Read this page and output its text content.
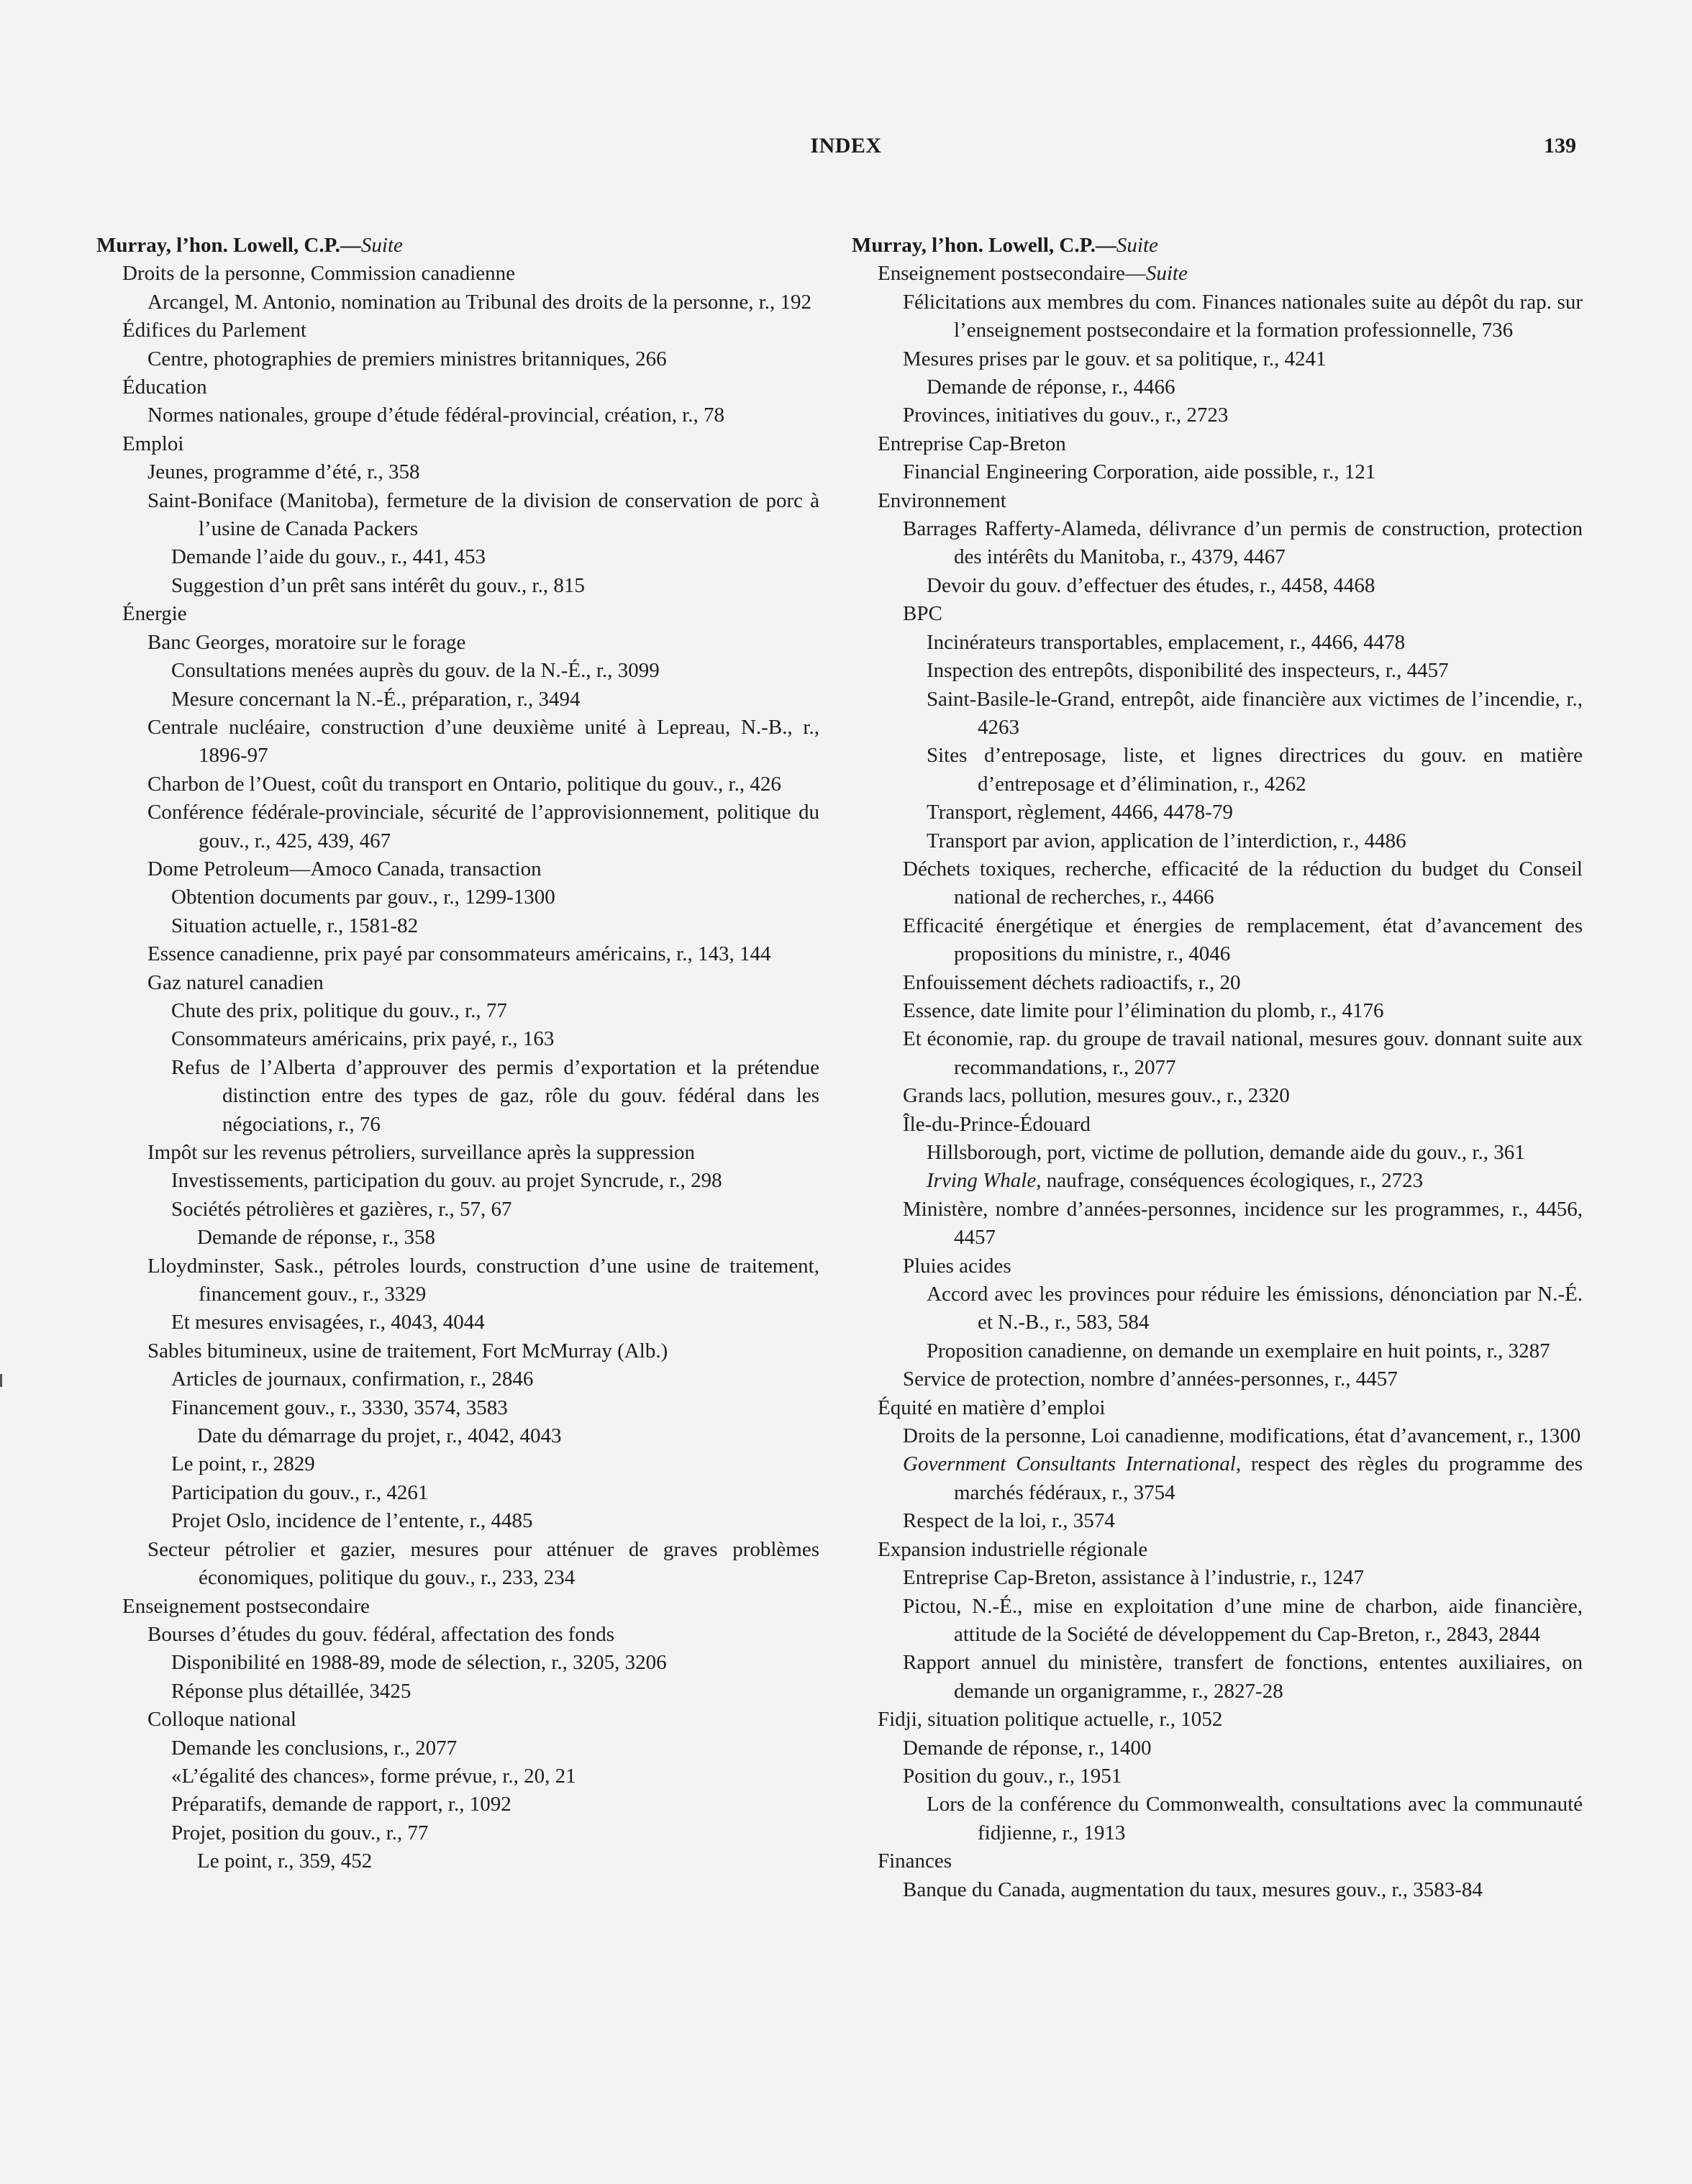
INDEX	139
Murray, l’hon. Lowell, C.P.—Suite
Droits de la personne, Commission canadienne
Arcangel, M. Antonio, nomination au Tribunal des droits de la personne, r., 192
Édifices du Parlement
Centre, photographies de premiers ministres britanniques, 266
Éducation
Normes nationales, groupe d’étude fédéral-provincial, création, r., 78
Emploi
Jeunes, programme d’été, r., 358
Saint-Boniface (Manitoba), fermeture de la division de conservation de porc à l’usine de Canada Packers
Demande l’aide du gouv., r., 441, 453
Suggestion d’un prêt sans intérêt du gouv., r., 815
Énergie
Banc Georges, moratoire sur le forage
Consultations menées auprès du gouv. de la N.-É., r., 3099
Mesure concernant la N.-É., préparation, r., 3494
Centrale nucléaire, construction d’une deuxième unité à Lepreau, N.-B., r., 1896-97
Charbon de l’Ouest, coût du transport en Ontario, politique du gouv., r., 426
Conférence fédérale-provinciale, sécurité de l’approvisionnement, politique du gouv., r., 425, 439, 467
Dome Petroleum—Amoco Canada, transaction
Obtention documents par gouv., r., 1299-1300
Situation actuelle, r., 1581-82
Essence canadienne, prix payé par consommateurs américains, r., 143, 144
Gaz naturel canadien
Chute des prix, politique du gouv., r., 77
Consommateurs américains, prix payé, r., 163
Refus de l’Alberta d’approuver des permis d’exportation et la prétendue distinction entre des types de gaz, rôle du gouv. fédéral dans les négociations, r., 76
Impôt sur les revenus pétroliers, surveillance après la suppression
Investissements, participation du gouv. au projet Syncrude, r., 298
Sociétés pétrolières et gazières, r., 57, 67
Demande de réponse, r., 358
Lloydminster, Sask., pétroles lourds, construction d’une usine de traitement, financement gouv., r., 3329
Et mesures envisagées, r., 4043, 4044
Sables bitumineux, usine de traitement, Fort McMurray (Alb.)
Articles de journaux, confirmation, r., 2846
Financement gouv., r., 3330, 3574, 3583
Date du démarrage du projet, r., 4042, 4043
Le point, r., 2829
Participation du gouv., r., 4261
Projet Oslo, incidence de l’entente, r., 4485
Secteur pétrolier et gazier, mesures pour atténuer de graves problèmes économiques, politique du gouv., r., 233, 234
Enseignement postsecondaire
Bourses d’études du gouv. fédéral, affectation des fonds
Disponibilité en 1988-89, mode de sélection, r., 3205, 3206
Réponse plus détaillée, 3425
Colloque national
Demande les conclusions, r., 2077
«L’égalité des chances», forme prévue, r., 20, 21
Préparatifs, demande de rapport, r., 1092
Projet, position du gouv., r., 77
Le point, r., 359, 452
Murray, l’hon. Lowell, C.P.—Suite
Enseignement postsecondaire—Suite
Félicitations aux membres du com. Finances nationales suite au dépôt du rap. sur l’enseignement postsecondaire et la formation professionnelle, 736
Mesures prises par le gouv. et sa politique, r., 4241
Demande de réponse, r., 4466
Provinces, initiatives du gouv., r., 2723
Entreprise Cap-Breton
Financial Engineering Corporation, aide possible, r., 121
Environnement
Barrages Rafferty-Alameda, délivrance d’un permis de construction, protection des intérêts du Manitoba, r., 4379, 4467
Devoir du gouv. d’effectuer des études, r., 4458, 4468
BPC
Incinérateurs transportables, emplacement, r., 4466, 4478
Inspection des entrepôts, disponibilité des inspecteurs, r., 4457
Saint-Basile-le-Grand, entrepôt, aide financière aux victimes de l’incendie, r., 4263
Sites d’entreposage, liste, et lignes directrices du gouv. en matière d’entreposage et d’élimination, r., 4262
Transport, règlement, 4466, 4478-79
Transport par avion, application de l’interdiction, r., 4486
Déchets toxiques, recherche, efficacité de la réduction du budget du Conseil national de recherches, r., 4466
Efficacité énergétique et énergies de remplacement, état d’avancement des propositions du ministre, r., 4046
Enfouissement déchets radioactifs, r., 20
Essence, date limite pour l’élimination du plomb, r., 4176
Et économie, rap. du groupe de travail national, mesures gouv. donnant suite aux recommandations, r., 2077
Grands lacs, pollution, mesures gouv., r., 2320
Île-du-Prince-Édouard
Hillsborough, port, victime de pollution, demande aide du gouv., r., 361
Irving Whale, naufrage, conséquences écologiques, r., 2723
Ministère, nombre d’années-personnes, incidence sur les programmes, r., 4456, 4457
Pluies acides
Accord avec les provinces pour réduire les émissions, dénonciation par N.-É. et N.-B., r., 583, 584
Proposition canadienne, on demande un exemplaire en huit points, r., 3287
Service de protection, nombre d’années-personnes, r., 4457
Équité en matière d’emploi
Droits de la personne, Loi canadienne, modifications, état d’avancement, r., 1300
Government Consultants International, respect des règles du programme des marchés fédéraux, r., 3754
Respect de la loi, r., 3574
Expansion industrielle régionale
Entreprise Cap-Breton, assistance à l’industrie, r., 1247
Pictou, N.-É., mise en exploitation d’une mine de charbon, aide financière, attitude de la Société de développement du Cap-Breton, r., 2843, 2844
Rapport annuel du ministère, transfert de fonctions, ententes auxiliaires, on demande un organigramme, r., 2827-28
Fidji, situation politique actuelle, r., 1052
Demande de réponse, r., 1400
Position du gouv., r., 1951
Lors de la conférence du Commonwealth, consultations avec la communauté fidjienne, r., 1913
Finances
Banque du Canada, augmentation du taux, mesures gouv., r., 3583-84
